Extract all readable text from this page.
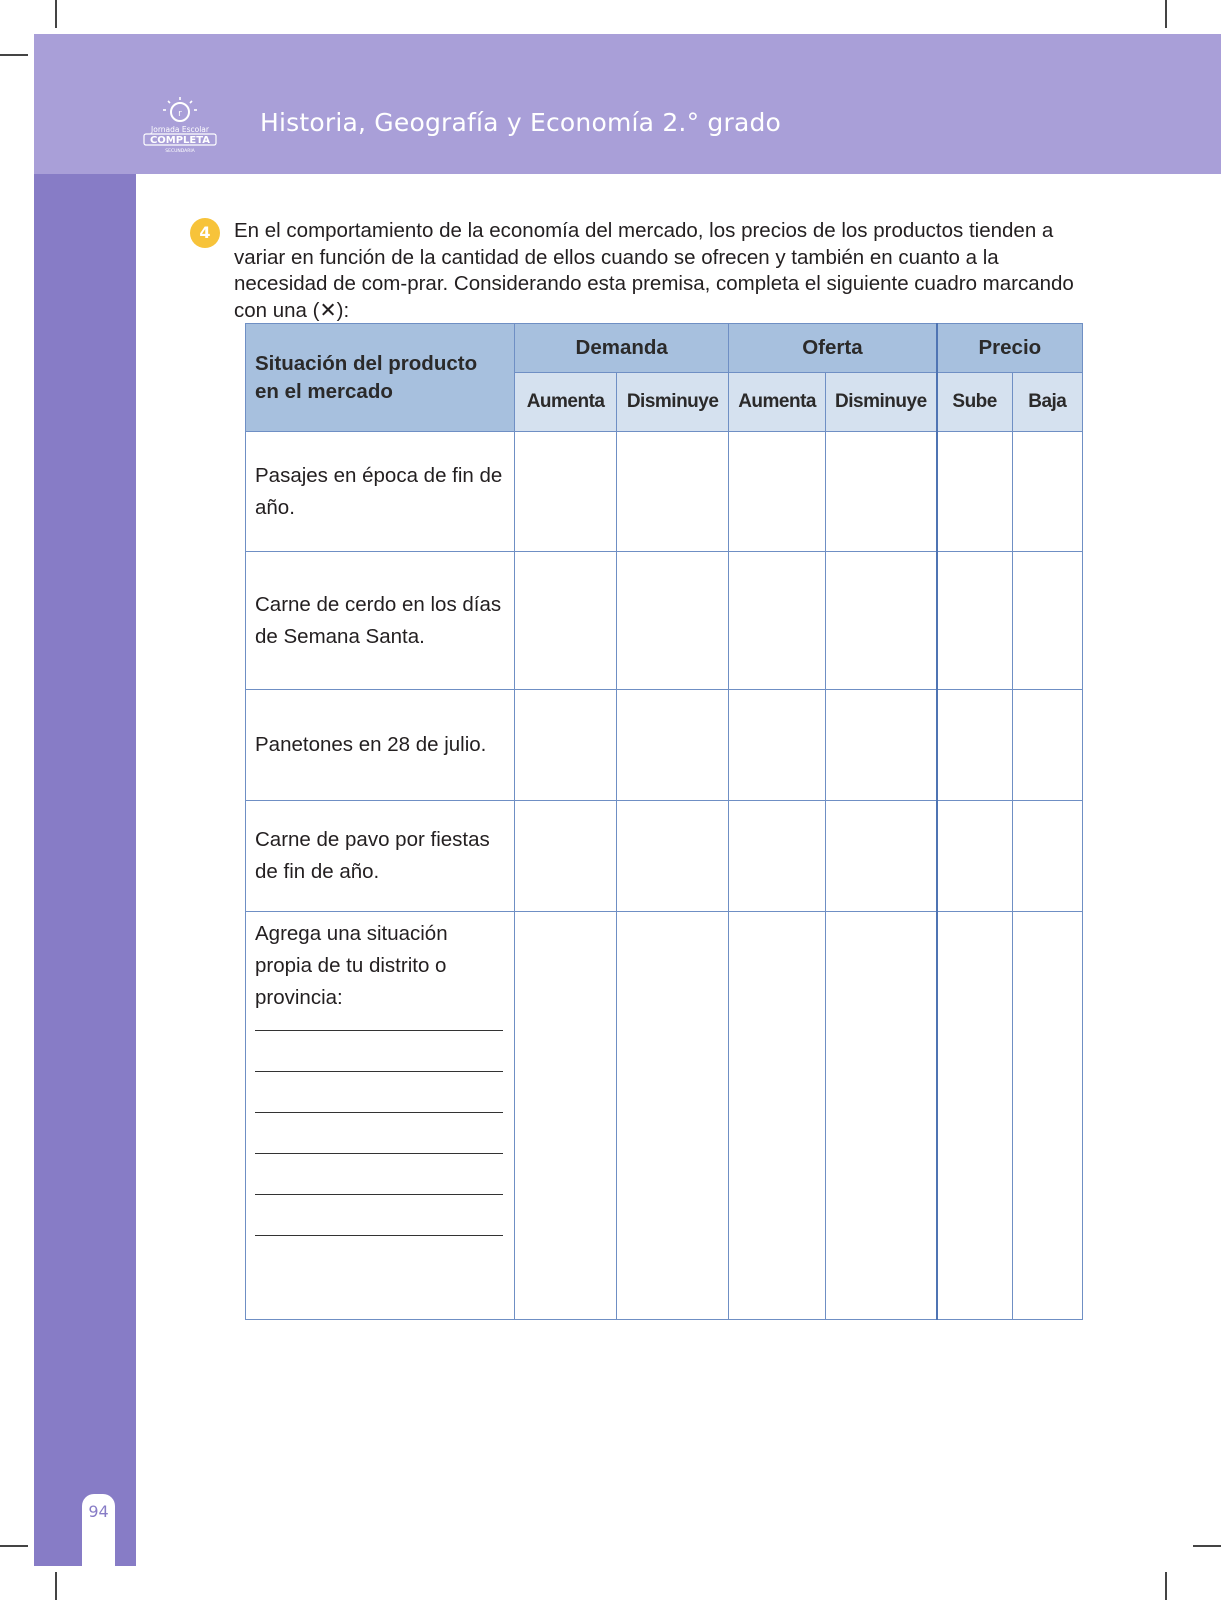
r
Jornada Escolar
COMPLETA
SECUNDARIA
Historia, Geografía y Economía 2.° grado
94
4	En el comportamiento de la economía del mercado, los precios de los productos tienden a variar en función de la cantidad de ellos cuando se ofrecen y también en cuanto a la necesidad de com-prar. Considerando esta premisa, completa el siguiente cuadro marcando con una (✕):

Situación del producto en el mercado	Demanda		Oferta		Precio	
	Aumenta	Disminuye	Aumenta	Disminuye	Sube	Baja
Pasajes en época de fin de año.						
Carne de cerdo en los días de Semana Santa.						
Panetones en 28 de julio.						
Carne de pavo por fiestas de fin de año.						

Agrega una situación propia de tu distrito o provincia:						
